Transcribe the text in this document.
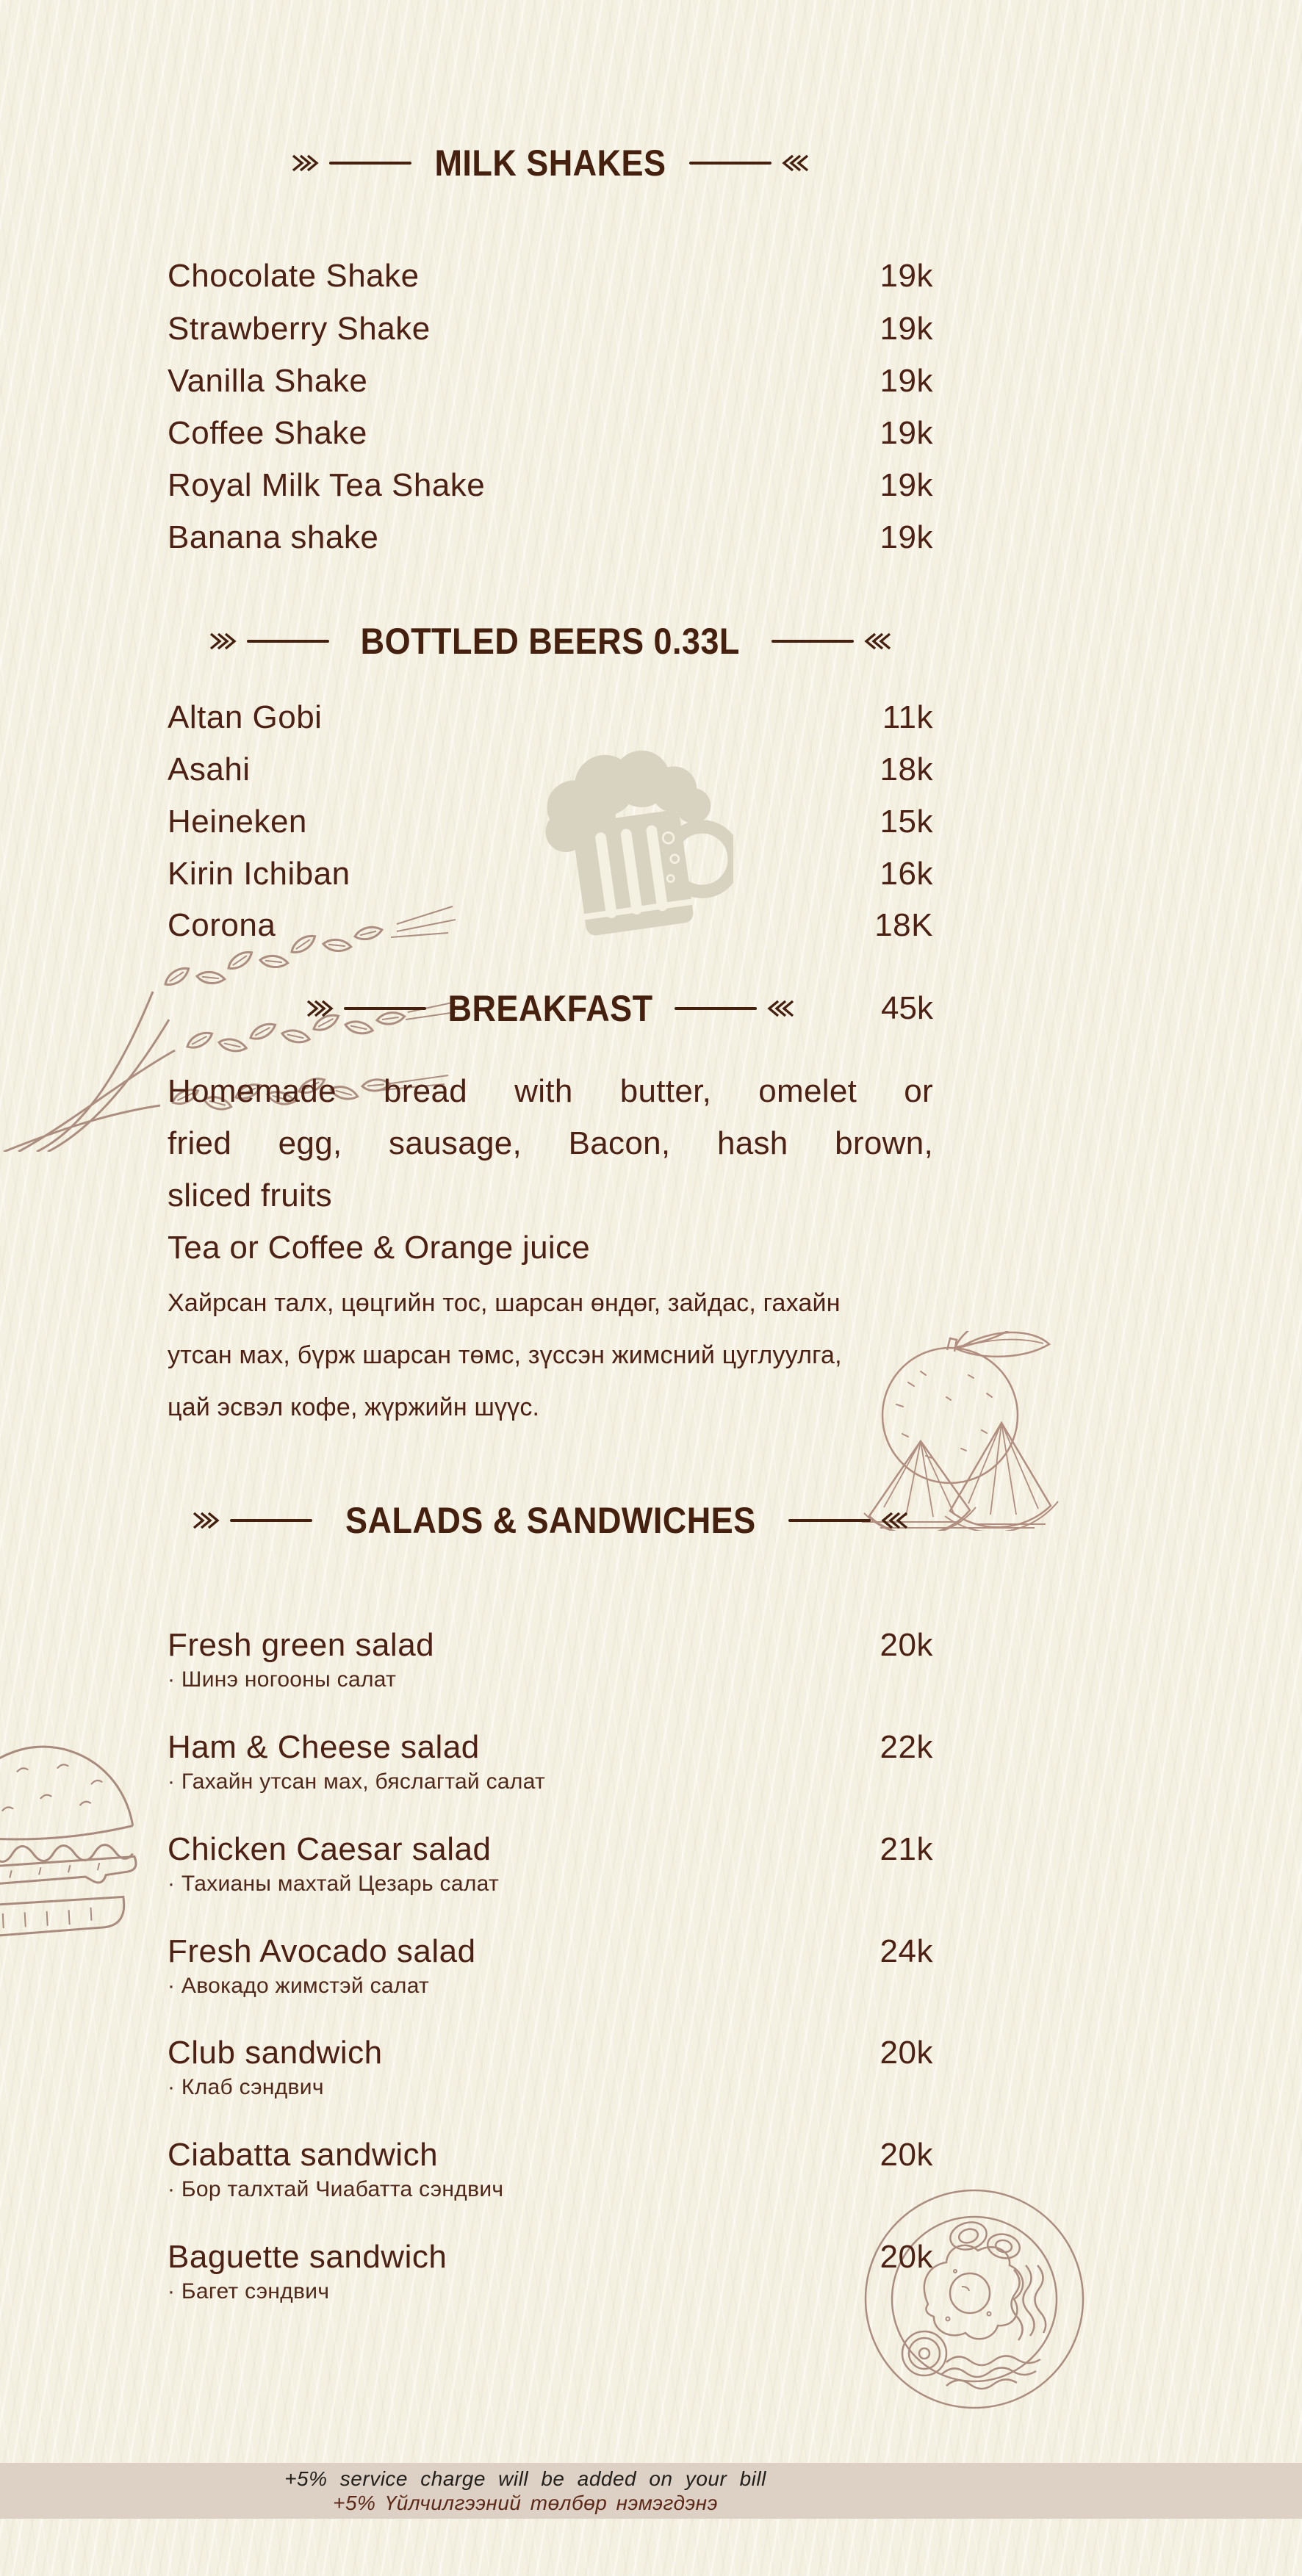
MILK SHAKES
Chocolate Shake	19k
Strawberry Shake	19k
Vanilla Shake	19k
Coffee Shake	19k
Royal Milk Tea Shake	19k
Banana shake	19k
BOTTLED BEERS 0.33L
Altan Gobi	11k
Asahi	18k
Heineken	15k
Kirin Ichiban	16k
Corona	18K
BREAKFAST	45k
Homemade bread with butter, omelet or
fried egg, sausage, Bacon, hash brown,
sliced fruits
Tea or Coffee & Orange juice
Хайрсан талх, цөцгийн тос, шарсан өндөг, зайдас, гахайн
утсан мах, бүрж шарсан төмс, зүссэн жимсний цуглуулга,
цай эсвэл кофе, жүржийн шүүс.
SALADS & SANDWICHES
Fresh green salad	20k
· Шинэ ногооны салат
Ham & Cheese salad	22k
· Гахайн утсан мах, бяслагтай салат
Chicken Caesar salad	21k
· Тахианы махтай Цезарь салат
Fresh Avocado salad	24k
· Авокадо жимстэй салат
Club sandwich	20k
· Клаб сэндвич
Ciabatta sandwich	20k
· Бор талхтай Чиабатта сэндвич
Baguette sandwich	20k
· Багет сэндвич
+5% service charge will be added on your bill
+5% Үйлчилгээний төлбөр нэмэгдэнэ
